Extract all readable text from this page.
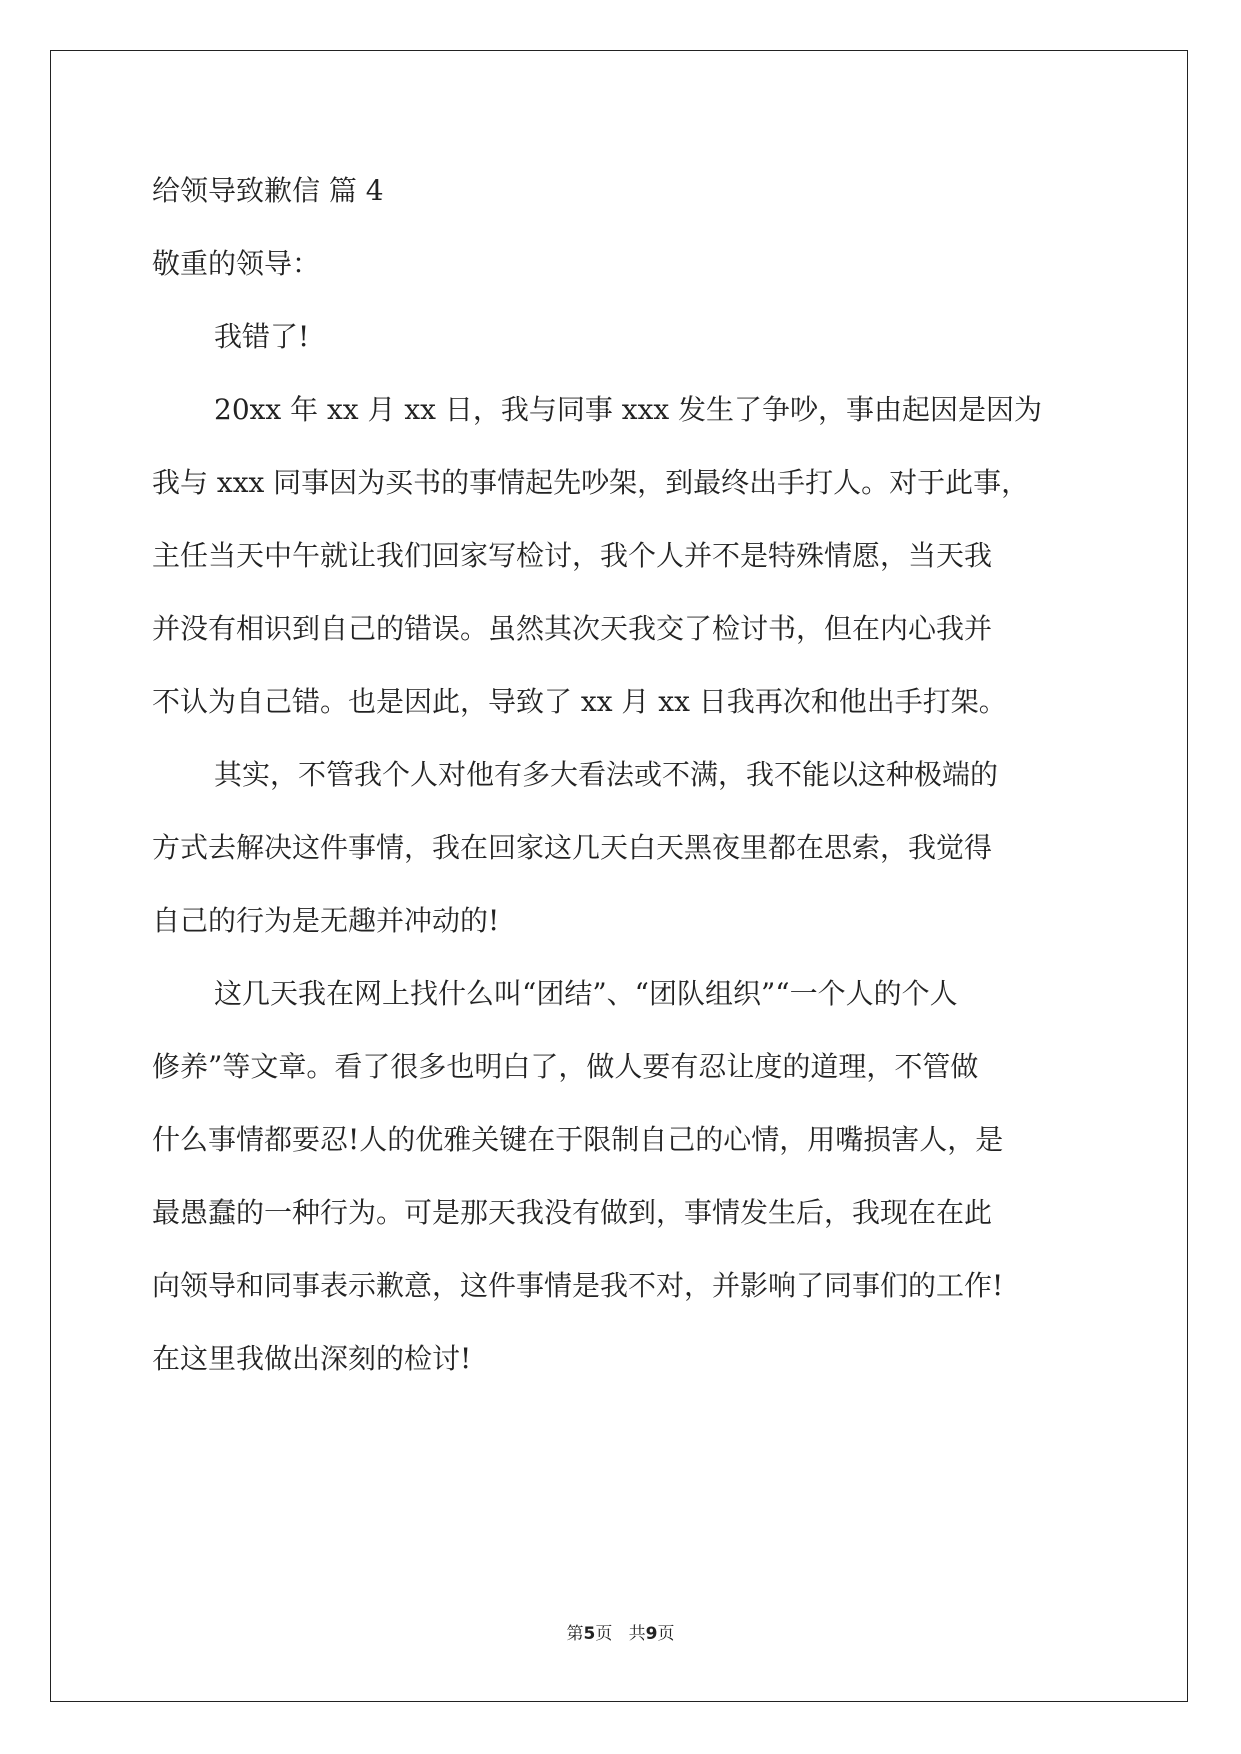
给领导致歉信 篇 4
敬重的领导：
我错了!
20xx 年 xx 月 xx 日，我与同事 xxx 发生了争吵，事由起因是因为
我与 xxx 同事因为买书的事情起先吵架，到最终出手打人。对于此事，
主任当天中午就让我们回家写检讨，我个人并不是特殊情愿，当天我
并没有相识到自己的错误。虽然其次天我交了检讨书，但在内心我并
不认为自己错。也是因此，导致了 xx 月 xx 日我再次和他出手打架。
其实，不管我个人对他有多大看法或不满，我不能以这种极端的
方式去解决这件事情，我在回家这几天白天黑夜里都在思索，我觉得
自己的行为是无趣并冲动的!
这几天我在网上找什么叫“团结”、“团队组织”“一个人的个人
修养”等文章。看了很多也明白了，做人要有忍让度的道理，不管做
什么事情都要忍!人的优雅关键在于限制自己的心情，用嘴损害人，是
最愚蠢的一种行为。可是那天我没有做到，事情发生后，我现在在此
向领导和同事表示歉意，这件事情是我不对，并影响了同事们的工作!
在这里我做出深刻的检讨!
第5页   共9页
